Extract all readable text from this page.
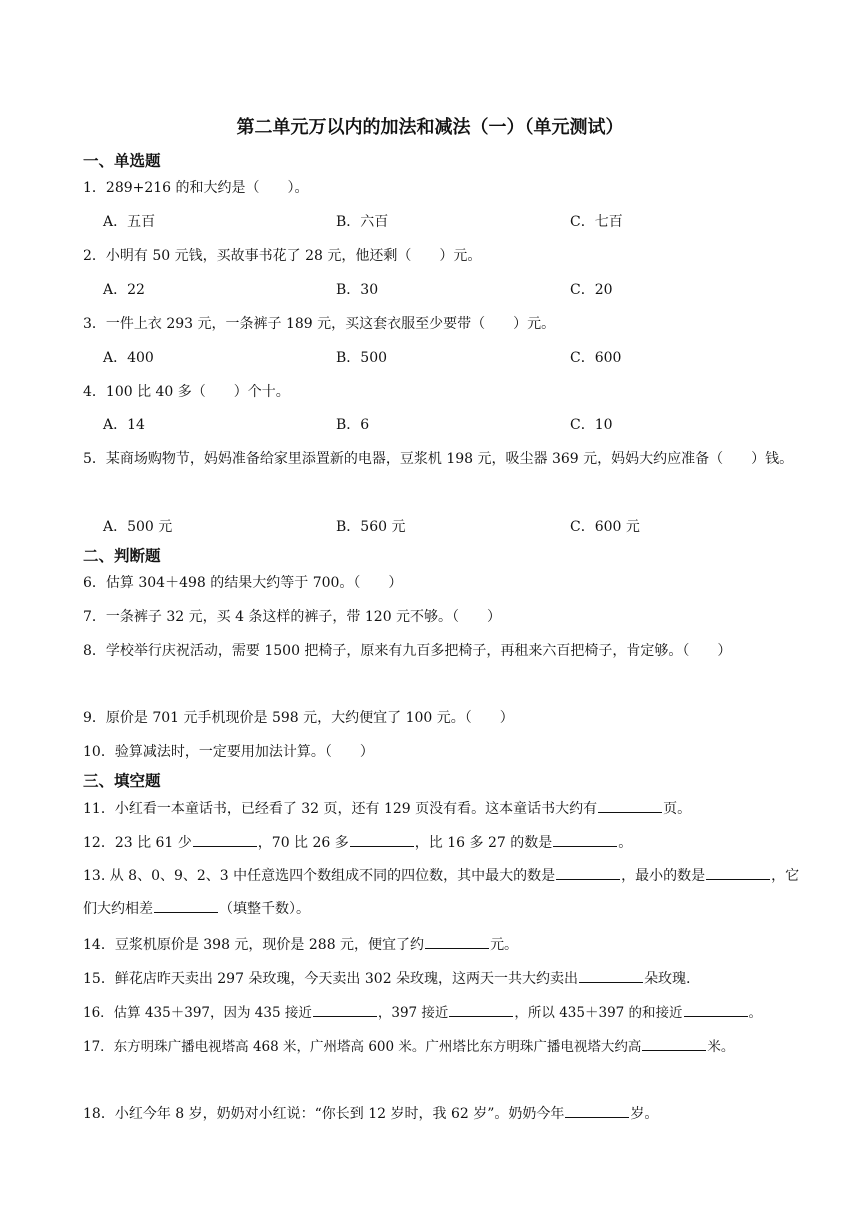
第二单元万以内的加法和减法（一）（单元测试）
一、单选题
1．289+216 的和大约是（　　）。
A．五百	B．六百	C．七百
2．小明有 50 元钱，买故事书花了 28 元，他还剩（　　）元。
A．22	B．30	C．20
3．一件上衣 293 元，一条裤子 189 元，买这套衣服至少要带（　　）元。
A．400	B．500	C．600
4．100 比 40 多（　　）个十。
A．14	B．6	C．10
5．某商场购物节，妈妈准备给家里添置新的电器，豆浆机 198 元，吸尘器 369 元，妈妈大约应准备（　　）钱。
A．500 元	B．560 元	C．600 元
二、判断题
6．估算 304＋498 的结果大约等于 700。（　　）
7．一条裤子 32 元，买 4 条这样的裤子，带 120 元不够。（　　）
8．学校举行庆祝活动，需要 1500 把椅子，原来有九百多把椅子，再租来六百把椅子，肯定够。（　　）
9．原价是 701 元手机现价是 598 元，大约便宜了 100 元。（　　）
10．验算减法时，一定要用加法计算。（　　）
三、填空题
11．小红看一本童话书，已经看了 32 页，还有 129 页没有看。这本童话书大约有	页。
12．23 比 61 少	，70 比 26 多	，比 16 多 27 的数是	。
13. 从 8、0、9、2、3 中任意选四个数组成不同的四位数，其中最大的数是	，最小的数是	，它们大约相差	（填整千数）。
14．豆浆机原价是 398 元，现价是 288 元，便宜了约	元。
15．鲜花店昨天卖出 297 朵玫瑰，今天卖出 302 朵玫瑰，这两天一共大约卖出	朵玫瑰.
16．估算 435＋397，因为 435 接近	，397 接近	，所以 435＋397 的和接近	。
17．东方明珠广播电视塔高 468 米，广州塔高 600 米。广州塔比东方明珠广播电视塔大约高	米。
18．小红今年 8 岁，奶奶对小红说：“你长到 12 岁时，我 62 岁”。奶奶今年	岁。
